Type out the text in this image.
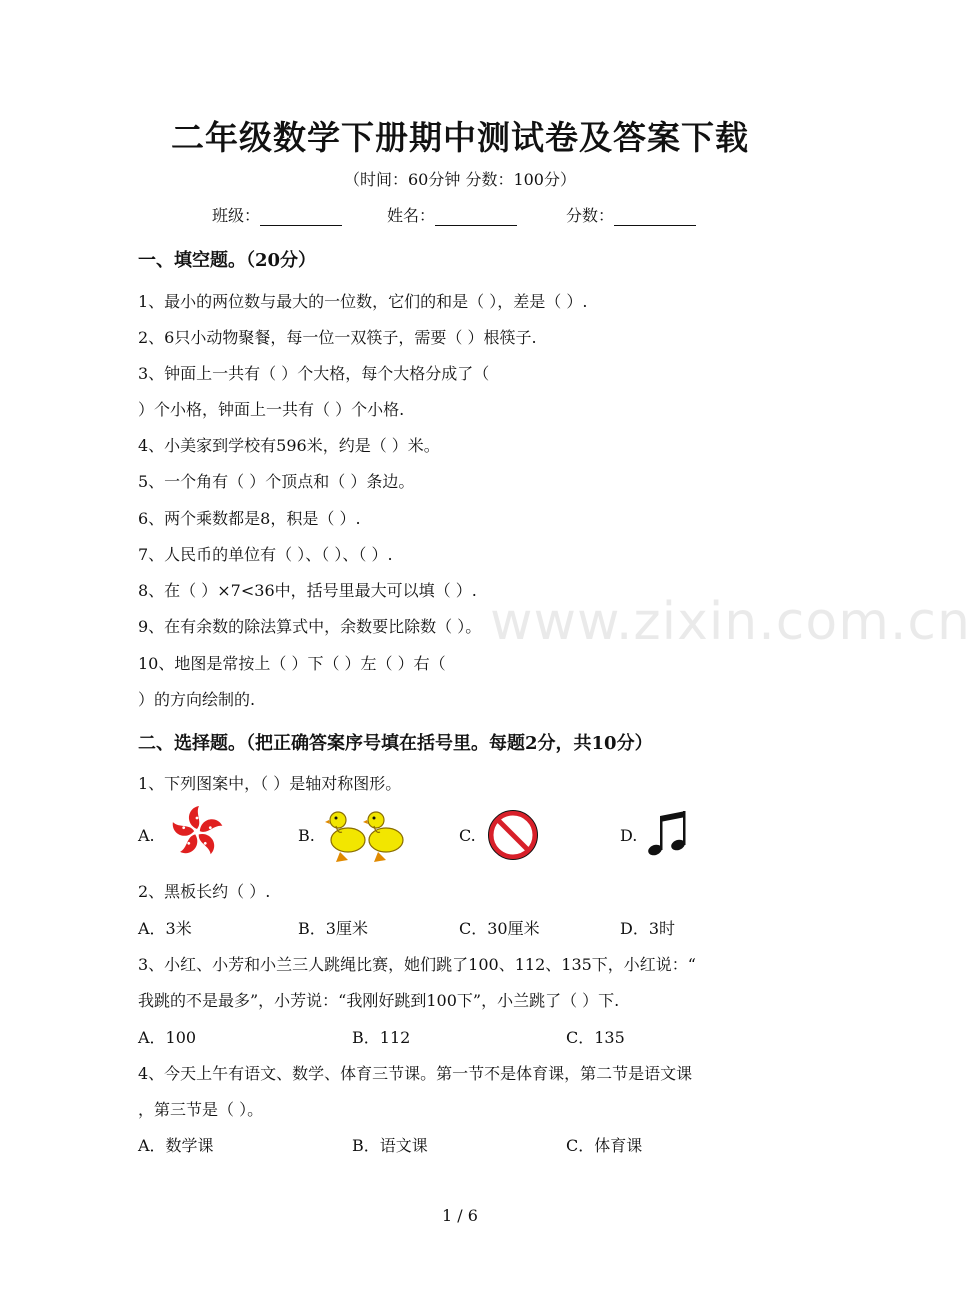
二年级数学下册期中测试卷及答案下载
（时间：60分钟 分数：100分）
班级：	姓名：	分数：
一、填空题。（20分）
1、最小的两位数与最大的一位数，它们的和是（ ），差是（ ）.
2、6只小动物聚餐，每一位一双筷子，需要（ ）根筷子.
3、钟面上一共有（ ）个大格，每个大格分成了（
）个小格，钟面上一共有（ ）个小格.
4、小美家到学校有596米，约是（ ）米。
5、一个角有（ ）个顶点和（ ）条边。
6、两个乘数都是8，积是（ ）.
7、人民币的单位有（ ）、（ ）、（ ）.
8、在（ ）×7<36中，括号里最大可以填（ ）.
9、在有余数的除法算式中，余数要比除数（ ）。
10、地图是常按上（ ）下（ ）左（ ）右（
）的方向绘制的.
www.zixin.com.cn
二、选择题。（把正确答案序号填在括号里。每题2分，共10分）
1、下列图案中，（ ）是轴对称图形。
A.	B.	C.	D.
2、黑板长约（ ）.
A．3米	B．3厘米	C．30厘米	D．3时
3、小红、小芳和小兰三人跳绳比赛，她们跳了100、112、135下，小红说：“
我跳的不是最多”，小芳说：“我刚好跳到100下”，小兰跳了（ ）下.
A．100	B．112	C．135
4、今天上午有语文、数学、体育三节课。第一节不是体育课，第二节是语文课
，第三节是（ ）。
A．数学课	B．语文课	C．体育课
1 / 6
